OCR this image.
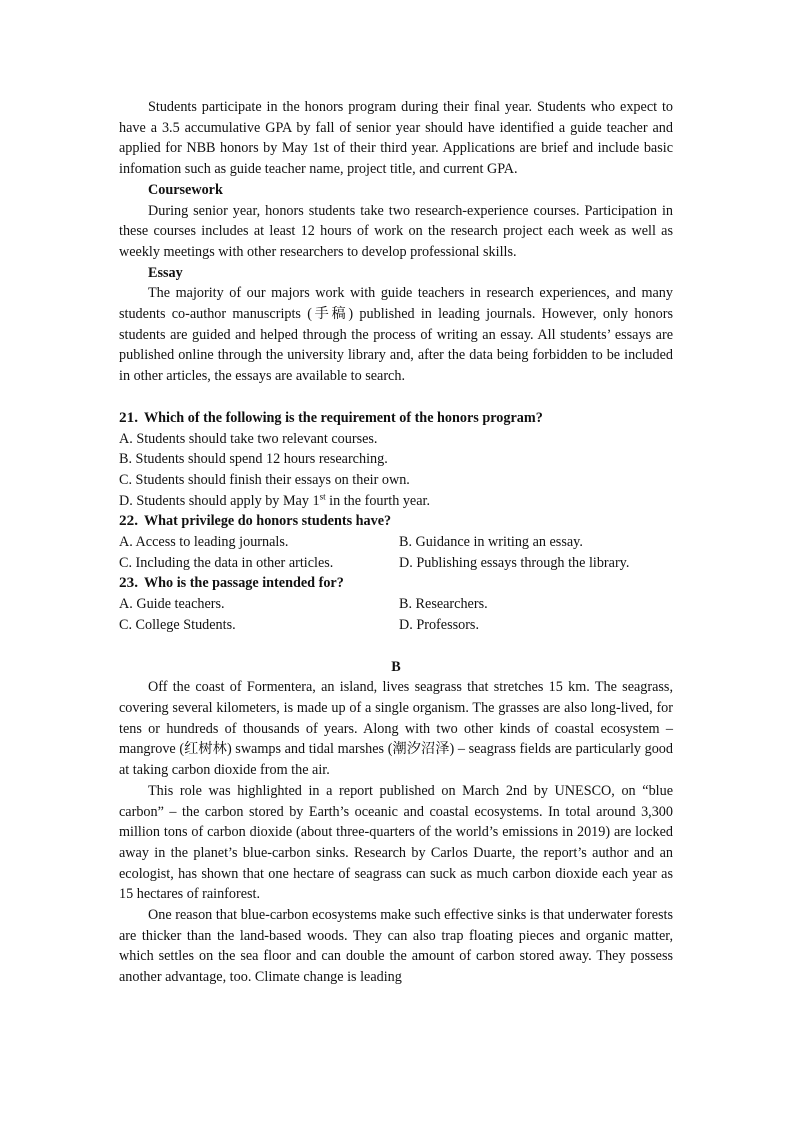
Students participate in the honors program during their final year. Students who expect to have a 3.5 accumulative GPA by fall of senior year should have identified a guide teacher and applied for NBB honors by May 1st of their third year. Applications are brief and include basic infomation such as guide teacher name, project title, and current GPA.

Coursework

During senior year, honors students take two research-experience courses. Participation in these courses includes at least 12 hours of work on the research project each week as well as weekly meetings with other researchers to develop professional skills.

Essay

The majority of our majors work with guide teachers in research experiences, and many students co-author manuscripts (手稿) published in leading journals. However, only honors students are guided and helped through the process of writing an essay. All students’ essays are published online through the university library and, after the data being forbidden to be included in other articles, the essays are available to search.

21. Which of the following is the requirement of the honors program?

A. Students should take two relevant courses.

B. Students should spend 12 hours researching.

C. Students should finish their essays on their own.

D. Students should apply by May 1st in the fourth year.

22. What privilege do honors students have?

A. Access to leading journals.	B. Guidance in writing an essay.
C. Including the data in other articles.	D. Publishing essays through the library.

23. Who is the passage intended for?

A. Guide teachers.	B. Researchers.
C. College Students.	D. Professors.

B

Off the coast of Formentera, an island, lives seagrass that stretches 15 km. The seagrass, covering several kilometers, is made up of a single organism. The grasses are also long-lived, for tens or hundreds of thousands of years. Along with two other kinds of coastal ecosystem – mangrove (红树林) swamps and tidal marshes (潮汐沼泽) – seagrass fields are particularly good at taking carbon dioxide from the air.

This role was highlighted in a report published on March 2nd by UNESCO, on “blue carbon” – the carbon stored by Earth’s oceanic and coastal ecosystems. In total around 3,300 million tons of carbon dioxide (about three-quarters of the world’s emissions in 2019) are locked away in the planet’s blue-carbon sinks. Research by Carlos Duarte, the report’s author and an ecologist, has shown that one hectare of seagrass can suck as much carbon dioxide each year as 15 hectares of rainforest.

One reason that blue-carbon ecosystems make such effective sinks is that underwater forests are thicker than the land-based woods. They can also trap floating pieces and organic matter, which settles on the sea floor and can double the amount of carbon stored away. They possess another advantage, too. Climate change is leading
